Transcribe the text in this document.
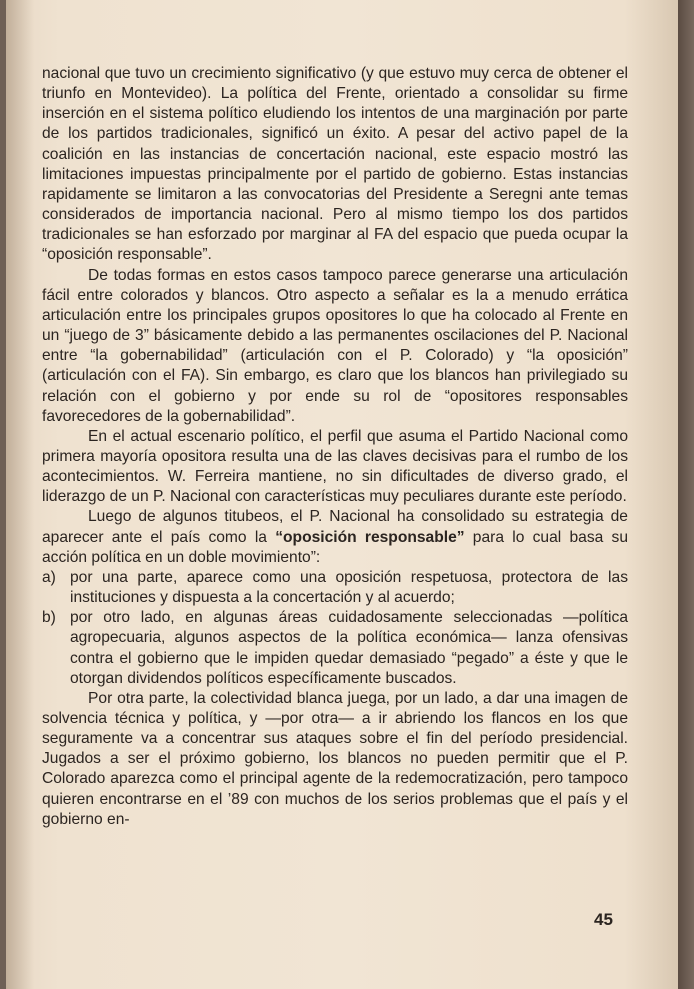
nacional que tuvo un crecimiento significativo (y que estuvo muy cerca de obtener el triunfo en Montevideo). La política del Frente, orientado a consolidar su firme inserción en el sistema político eludiendo los intentos de una marginación por parte de los partidos tradicionales, significó un éxito. A pesar del activo papel de la coalición en las instancias de concertación nacional, este espacio mostró las limitaciones impuestas principalmente por el partido de gobierno. Estas instancias rapidamente se limitaron a las convocatorias del Presidente a Seregni ante temas considerados de importancia nacional. Pero al mismo tiempo los dos partidos tradicionales se han esforzado por marginar al FA del espacio que pueda ocupar la “oposición responsable”.

De todas formas en estos casos tampoco parece generarse una articulación fácil entre colorados y blancos. Otro aspecto a señalar es la a menudo errática articulación entre los principales grupos opositores lo que ha colocado al Frente en un “juego de 3” básicamente debido a las permanentes oscilaciones del P. Nacional entre “la gobernabilidad” (articulación con el P. Colorado) y “la oposición” (articulación con el FA). Sin embargo, es claro que los blancos han privilegiado su relación con el gobierno y por ende su rol de “opositores responsables favorecedores de la gobernabilidad”.

En el actual escenario político, el perfil que asuma el Partido Nacional como primera mayoría opositora resulta una de las claves decisivas para el rumbo de los acontecimientos. W. Ferreira mantiene, no sin dificultades de diverso grado, el liderazgo de un P. Nacional con características muy peculiares durante este período.

Luego de algunos titubeos, el P. Nacional ha consolidado su estrategia de aparecer ante el país como la “oposición responsable” para lo cual basa su acción política en un doble movimiento”:

a) por una parte, aparece como una oposición respetuosa, protectora de las instituciones y dispuesta a la concertación y al acuerdo;
b) por otro lado, en algunas áreas cuidadosamente seleccionadas —política agropecuaria, algunos aspectos de la política económica— lanza ofensivas contra el gobierno que le impiden quedar demasiado “pegado” a éste y que le otorgan dividendos políticos específicamente buscados.

Por otra parte, la colectividad blanca juega, por un lado, a dar una imagen de solvencia técnica y política, y —por otra— a ir abriendo los flancos en los que seguramente va a concentrar sus ataques sobre el fin del período presidencial. Jugados a ser el próximo gobierno, los blancos no pueden permitir que el P. Colorado aparezca como el principal agente de la redemocratización, pero tampoco quieren encontrarse en el ’89 con muchos de los serios problemas que el país y el gobierno en-

45
